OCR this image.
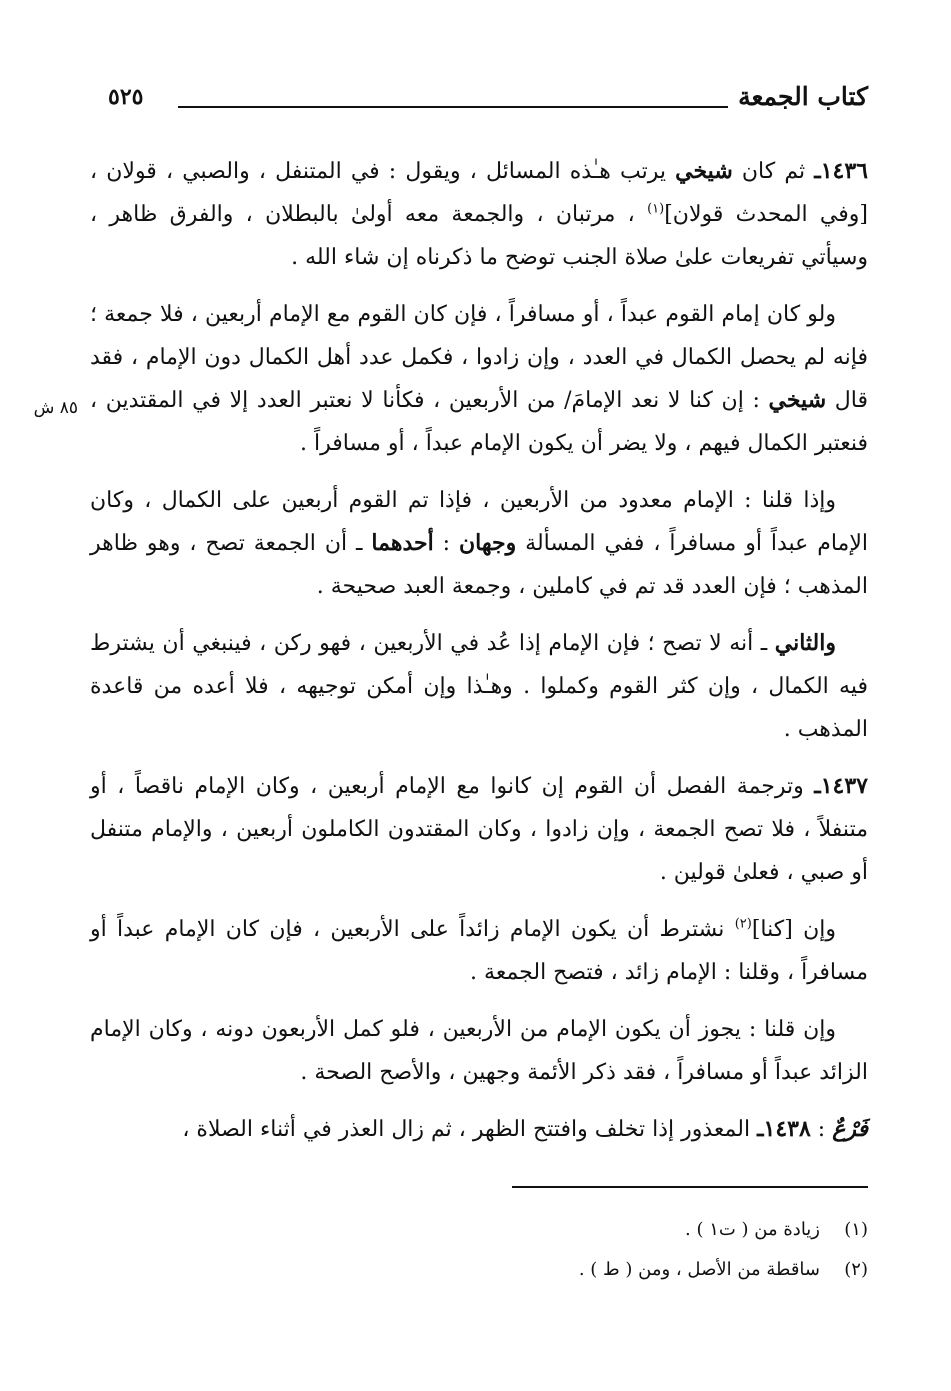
كتاب الجمعة
٥٢٥
٨٥ ش

١٤٣٦ـ ثم كان شيخي يرتب هـٰذه المسائل ، ويقول : في المتنفل ، والصبي ، قولان ، [وفي المحدث قولان]$^{(١)}$ ، مرتبان ، والجمعة معه أولىٰ بالبطلان ، والفرق ظاهر ، وسيأتي تفريعات علىٰ صلاة الجنب توضح ما ذكرناه إن شاء الله .

ولو كان إمام القوم عبداً ، أو مسافراً ، فإن كان القوم مع الإمام أربعين ، فلا جمعة ؛ فإنه لم يحصل الكمال في العدد ، وإن زادوا ، فكمل عدد أهل الكمال دون الإمام ، فقد قال شيخي : إن كنا لا نعد الإمامَ/ من الأربعين ، فكأنا لا نعتبر العدد إلا في المقتدين ، فنعتبر الكمال فيهم ، ولا يضر أن يكون الإمام عبداً ، أو مسافراً .

وإذا قلنا : الإمام معدود من الأربعين ، فإذا تم القوم أربعين على الكمال ، وكان الإمام عبداً أو مسافراً ، ففي المسألة وجهان : أحدهما ـ أن الجمعة تصح ، وهو ظاهر المذهب ؛ فإن العدد قد تم في كاملين ، وجمعة العبد صحيحة .

والثاني ـ أنه لا تصح ؛ فإن الإمام إذا عُد في الأربعين ، فهو ركن ، فينبغي أن يشترط فيه الكمال ، وإن كثر القوم وكملوا . وهـٰذا وإن أمكن توجيهه ، فلا أعده من قاعدة المذهب .

١٤٣٧ـ وترجمة الفصل أن القوم إن كانوا مع الإمام أربعين ، وكان الإمام ناقصاً ، أو متنفلاً ، فلا تصح الجمعة ، وإن زادوا ، وكان المقتدون الكاملون أربعين ، والإمام متنفل أو صبي ، فعلىٰ قولين .

وإن [كنا]$^{(٢)}$ نشترط أن يكون الإمام زائداً على الأربعين ، فإن كان الإمام عبداً أو مسافراً ، وقلنا : الإمام زائد ، فتصح الجمعة .

وإن قلنا : يجوز أن يكون الإمام من الأربعين ، فلو كمل الأربعون دونه ، وكان الإمام الزائد عبداً أو مسافراً ، فقد ذكر الأئمة وجهين ، والأصح الصحة .

فَرْعٌ : ١٤٣٨ـ المعذور إذا تخلف وافتتح الظهر ، ثم زال العذر في أثناء الصلاة ،

(١)
زيادة من ( ت١ ) .
(٢)
ساقطة من الأصل ، ومن ( ط ) .
